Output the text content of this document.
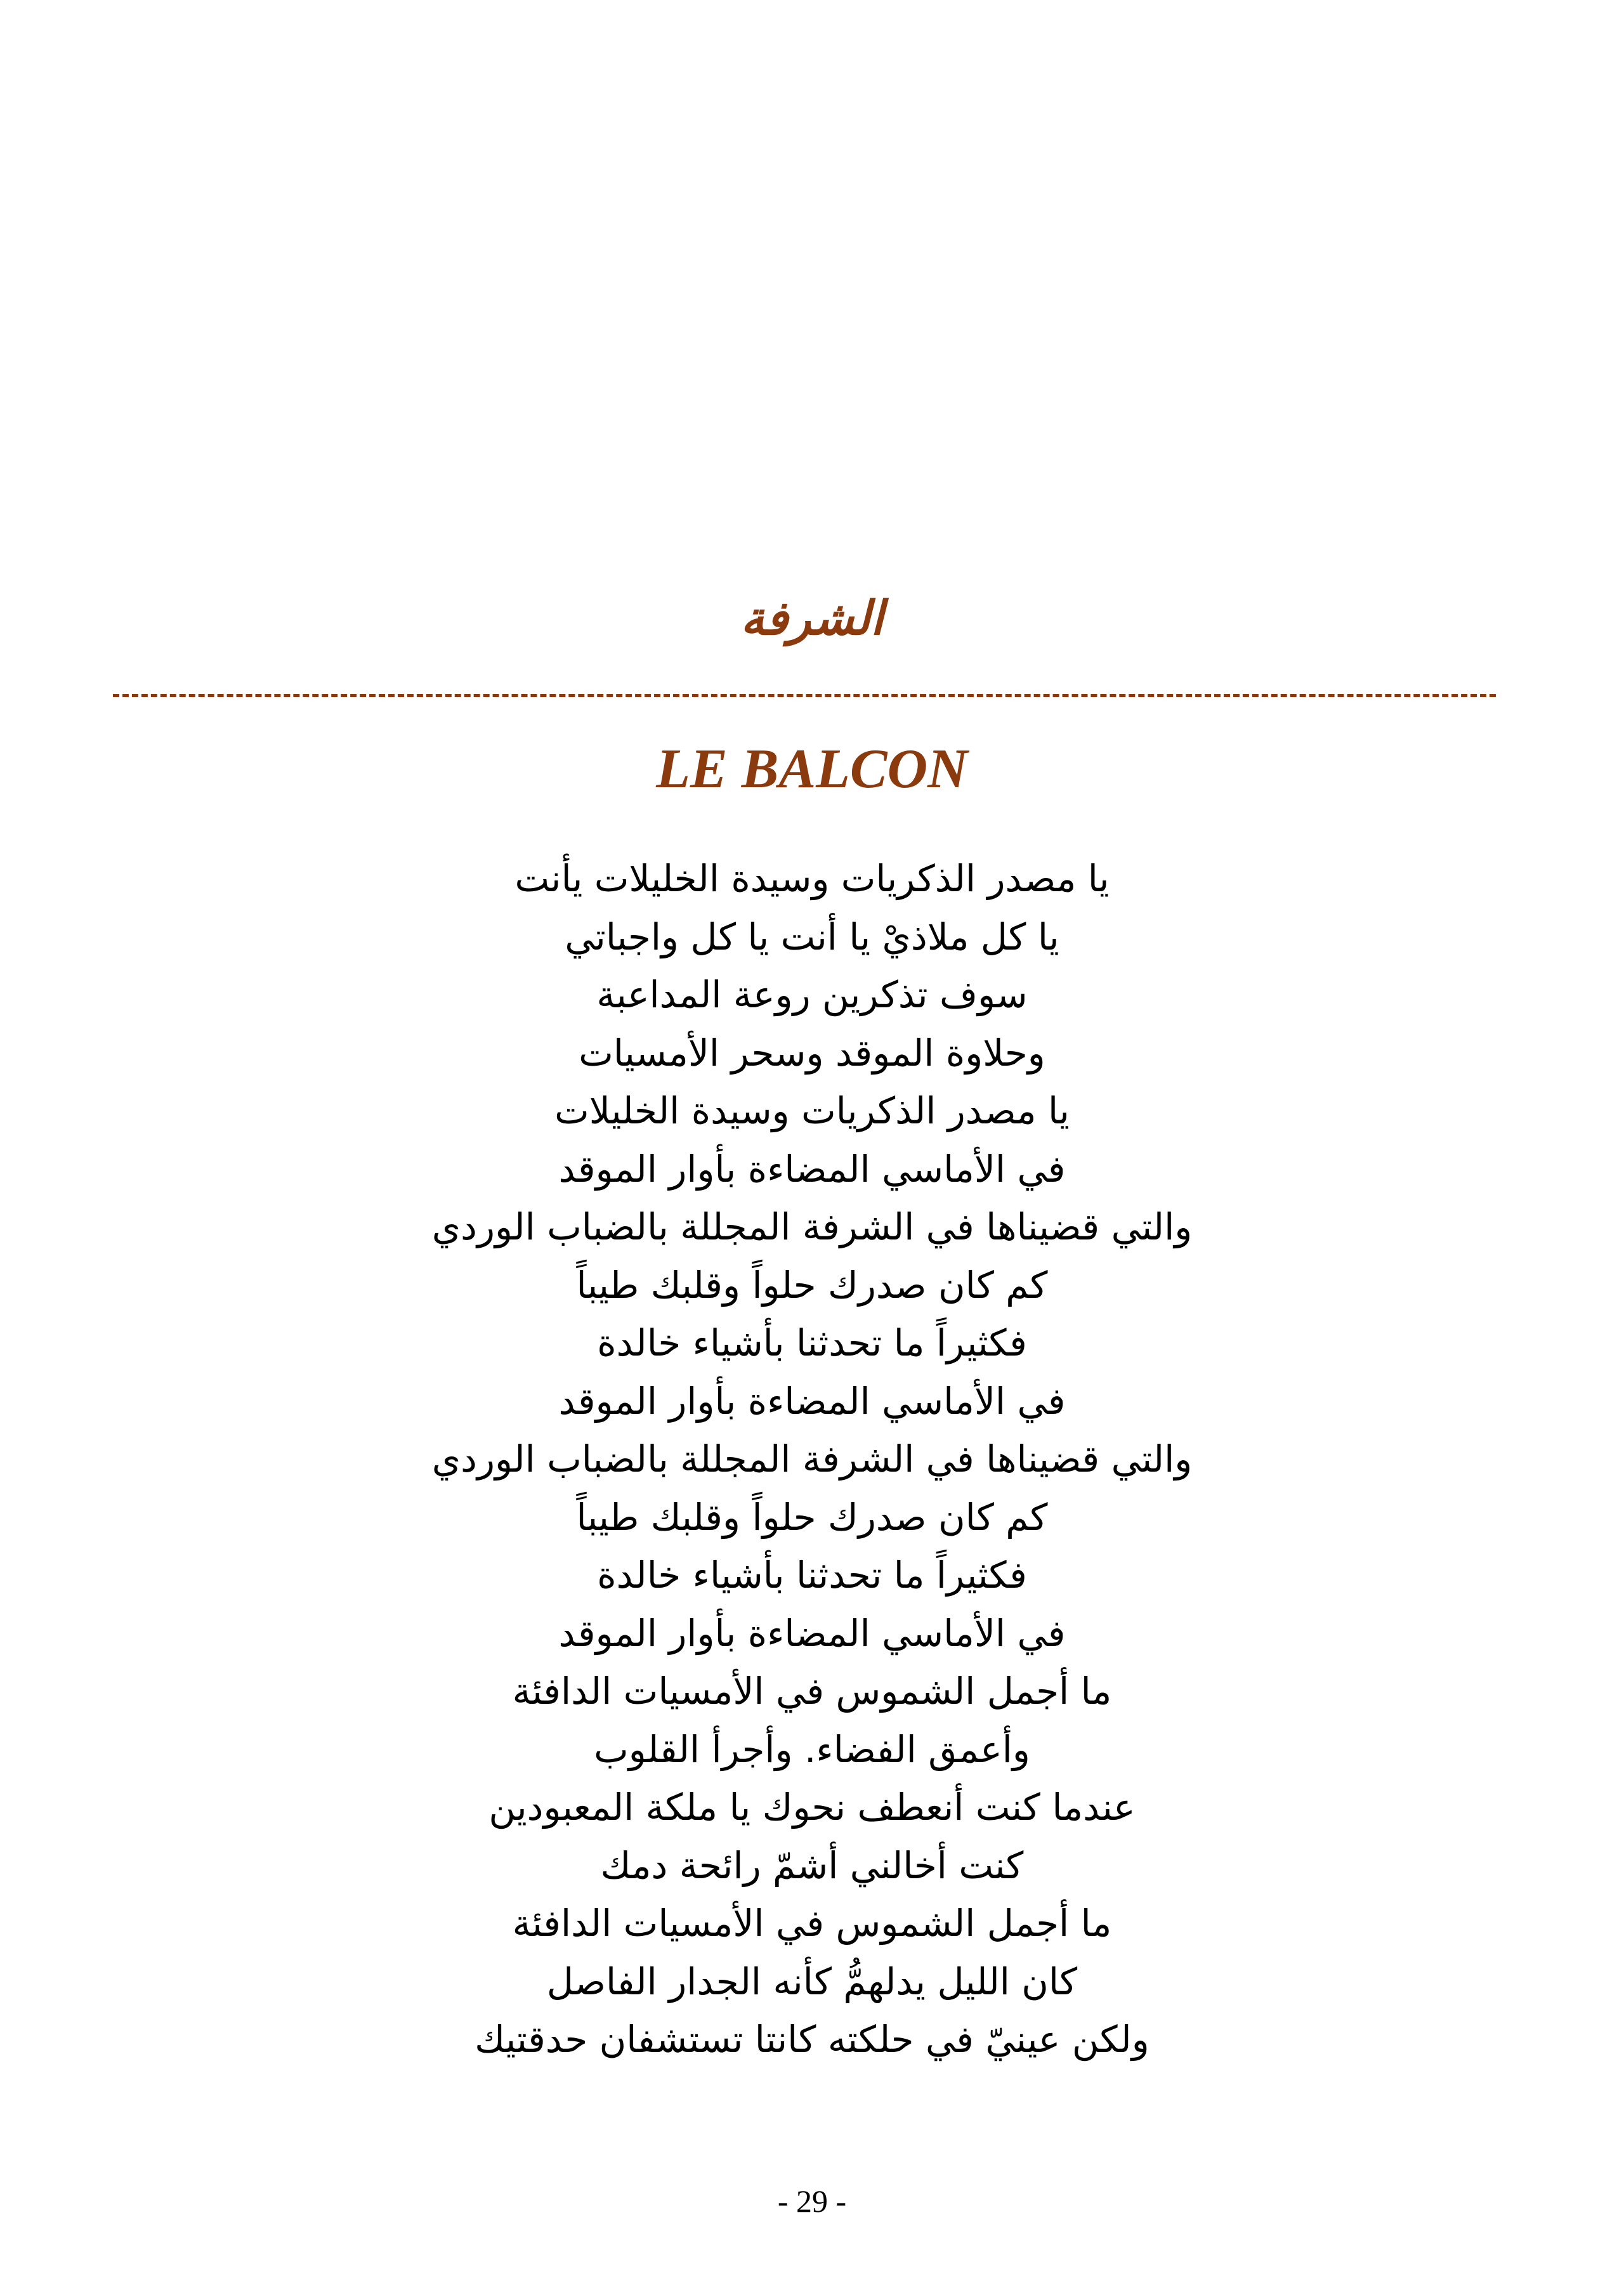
الشرفة
LE BALCON
يا مصدر الذكريات وسيدة الخليلات يأنت
يا كل ملاذيْ يا أنت يا كل واجباتي
سوف تذكرين روعة المداعبة
وحلاوة الموقد وسحر الأمسيات
يا مصدر الذكريات وسيدة الخليلات
في الأماسي المضاءة بأوار الموقد
والتي قضيناها في الشرفة المجللة بالضباب الوردي
كم كان صدرك حلواً وقلبك طيباً
فكثيراً ما تحدثنا بأشياء خالدة
في الأماسي المضاءة بأوار الموقد
والتي قضيناها في الشرفة المجللة بالضباب الوردي
كم كان صدرك حلواً وقلبك طيباً
فكثيراً ما تحدثنا بأشياء خالدة
في الأماسي المضاءة بأوار الموقد
ما أجمل الشموس في الأمسيات الدافئة
وأعمق الفضاء. وأجرأ القلوب
عندما كنت أنعطف نحوك يا ملكة المعبودين
كنت أخالني أشمّ رائحة دمك
ما أجمل الشموس في الأمسيات الدافئة
كان الليل يدلهمُّ كأنه الجدار الفاصل
ولكن عينيّ في حلكته كانتا تستشفان حدقتيك
- 29 -
